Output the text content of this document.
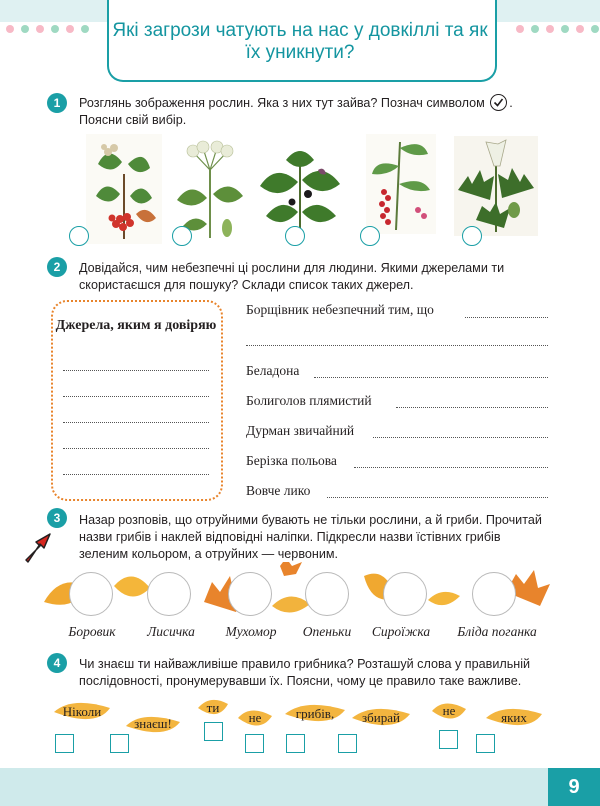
Які загрози чатують на нас у довкіллі та як їх уникнути?
1	Розглянь зображення рослин. Яка з них тут зайва? Познач символом . Поясни свій вибір.
2	Довідайся, чим небезпечні ці рослини для людини. Якими джерелами ти скористаєшся для пошуку? Склади список таких джерел.
Джерела, яким я довіряю
Борщівник небезпечний тим, що
Беладона
Болиголов плямистий
Дурман звичайний
Берізка польова
Вовче лико
3	Назар розповів, що отруйними бувають не тільки рослини, а й гриби. Прочитай назви грибів і наклей відповідні наліпки. Підкресли назви їстівних грибів зеленим кольором, а отруйних — червоним.
Боровик	Лисичка	Мухомор	Опеньки	Сироїжка	Бліда поганка
4	Чи знаєш ти найважливіше правило грибника? Розташуй слова у правильній послідовності, пронумерувавши їх. Поясни, чому це правило таке важливе.
Ніколи
знаєш!
ти
не	грибів,	збирай	не	яких
9
